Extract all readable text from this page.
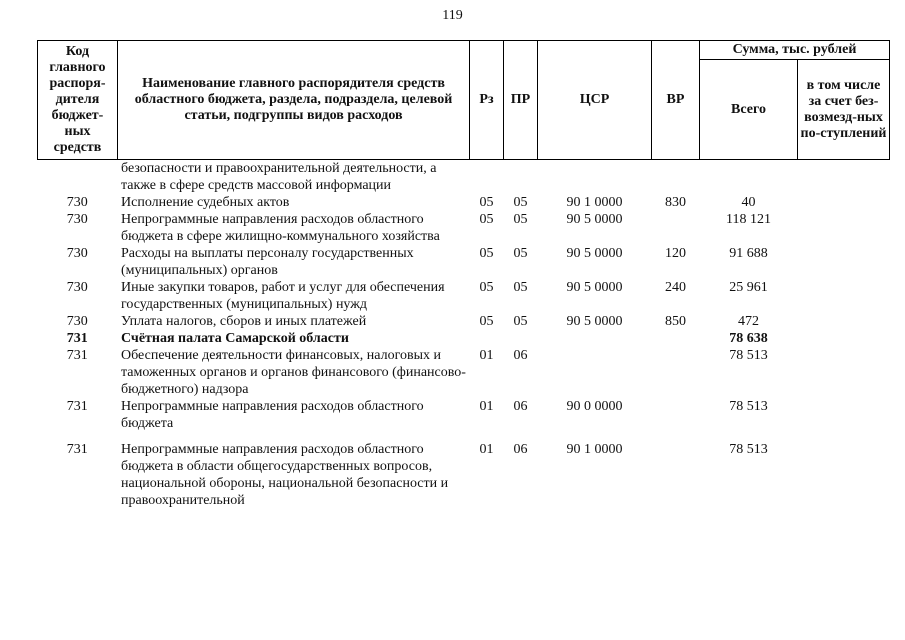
119
Код главного распоря-дителя бюджет-ных средств	Наименование главного распорядителя средств областного бюджета, раздела, подраздела, целевой статьи, подгруппы видов расходов	Рз	ПР	ЦСР	ВР	Сумма, тыс. рублей	
						Всего	в том числе за счет без-возмезд-ных по-ступлений
	безопасности и правоохранительной деятельности, а также в сфере средств массовой информации						
730	Исполнение судебных актов	05	05	90 1 0000	830	40	
730	Непрограммные направления расходов областного бюджета в сфере жилищно-коммунального хозяйства	05	05	90 5 0000		118 121	
730	Расходы на выплаты персоналу государственных (муниципальных) органов	05	05	90 5 0000	120	91 688	
730	Иные закупки товаров, работ и услуг для обеспечения государственных (муниципальных) нужд	05	05	90 5 0000	240	25 961	
730	Уплата налогов, сборов и иных платежей	05	05	90 5 0000	850	472	
731	Счётная палата Самарской области					78 638	
731	Обеспечение деятельности финансовых, налоговых и таможенных органов и органов финансового (финансово-бюджетного) надзора	01	06			78 513	
731	Непрограммные направления расходов областного бюджета	01	06	90 0 0000		78 513	
731	Непрограммные направления расходов областного бюджета в области общегосударственных вопросов, национальной обороны, национальной безопасности и правоохранительной	01	06	90 1 0000		78 513	
